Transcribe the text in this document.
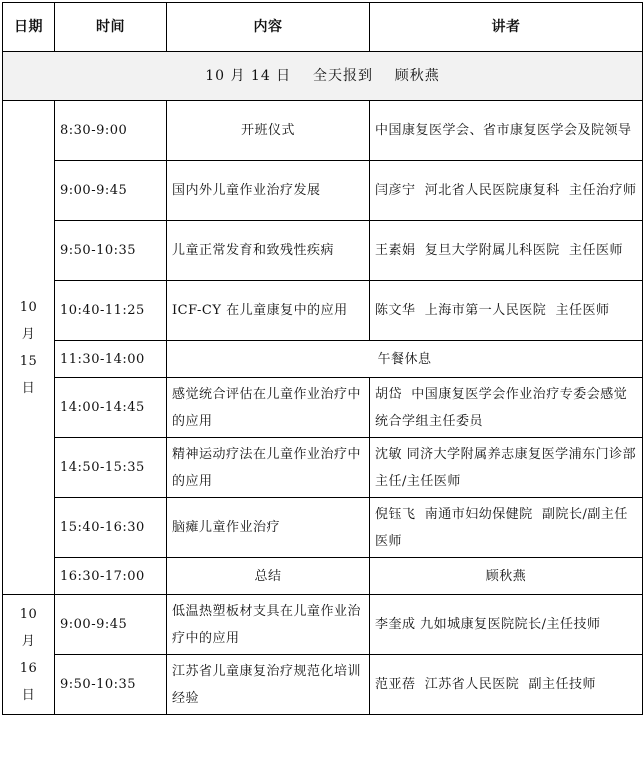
日期	时间	内容	讲者
10 月 14 日    全天报到    顾秋燕			
10
月
15
日	8:30-9:00	开班仪式	中国康复医学会、省市康复医学会及院领导
	9:00-9:45	国内外儿童作业治疗发展	闫彦宁  河北省人民医院康复科  主任治疗师
	9:50-10:35	儿童正常发育和致残性疾病	王素娟  复旦大学附属儿科医院  主任医师
	10:40-11:25	ICF-CY 在儿童康复中的应用	陈文华  上海市第一人民医院  主任医师
	11:30-14:00	午餐休息	
	14:00-14:45	感觉统合评估在儿童作业治疗中的应用	胡岱  中国康复医学会作业治疗专委会感觉统合学组主任委员
	14:50-15:35	精神运动疗法在儿童作业治疗中的应用	沈敏 同济大学附属养志康复医学浦东门诊部主任/主任医师
	15:40-16:30	脑瘫儿童作业治疗	倪钰飞  南通市妇幼保健院  副院长/副主任医师
	16:30-17:00	总结	顾秋燕
10
月
16
日	9:00-9:45	低温热塑板材支具在儿童作业治疗中的应用	李奎成 九如城康复医院院长/主任技师
	9:50-10:35	江苏省儿童康复治疗规范化培训经验	范亚蓓  江苏省人民医院  副主任技师
